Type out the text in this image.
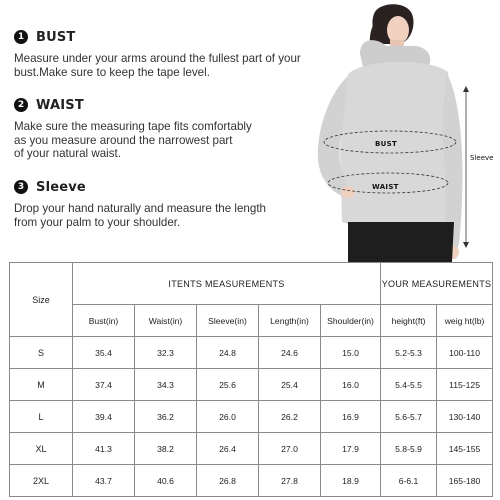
1 BUST
Measure under your arms around the fullest part of your
bust.Make sure to keep the tape level.
2 WAIST
Make sure the measuring tape fits comfortably
as you measure around the narrowest part
of your natural waist.
3 Sleeve
Drop your hand naturally and measure the length
from your palm to your shoulder.
BUST
WAIST
Sleeve
Size	ITENTS MEASUREMENTS					YOUR MEASUREMENTS	
	Bust(in)	Waist(in)	Sleeve(in)	Length(in)	Shoulder(in)	height(ft)	weig ht(lb)
S	35.4	32.3	24.8	24.6	15.0	5.2-5.3	100-110
M	37.4	34.3	25.6	25.4	16.0	5.4-5.5	115-125
L	39.4	36.2	26.0	26.2	16.9	5.6-5.7	130-140
XL	41.3	38.2	26.4	27.0	17.9	5.8-5.9	145-155
2XL	43.7	40.6	26.8	27.8	18.9	6-6.1	165-180
